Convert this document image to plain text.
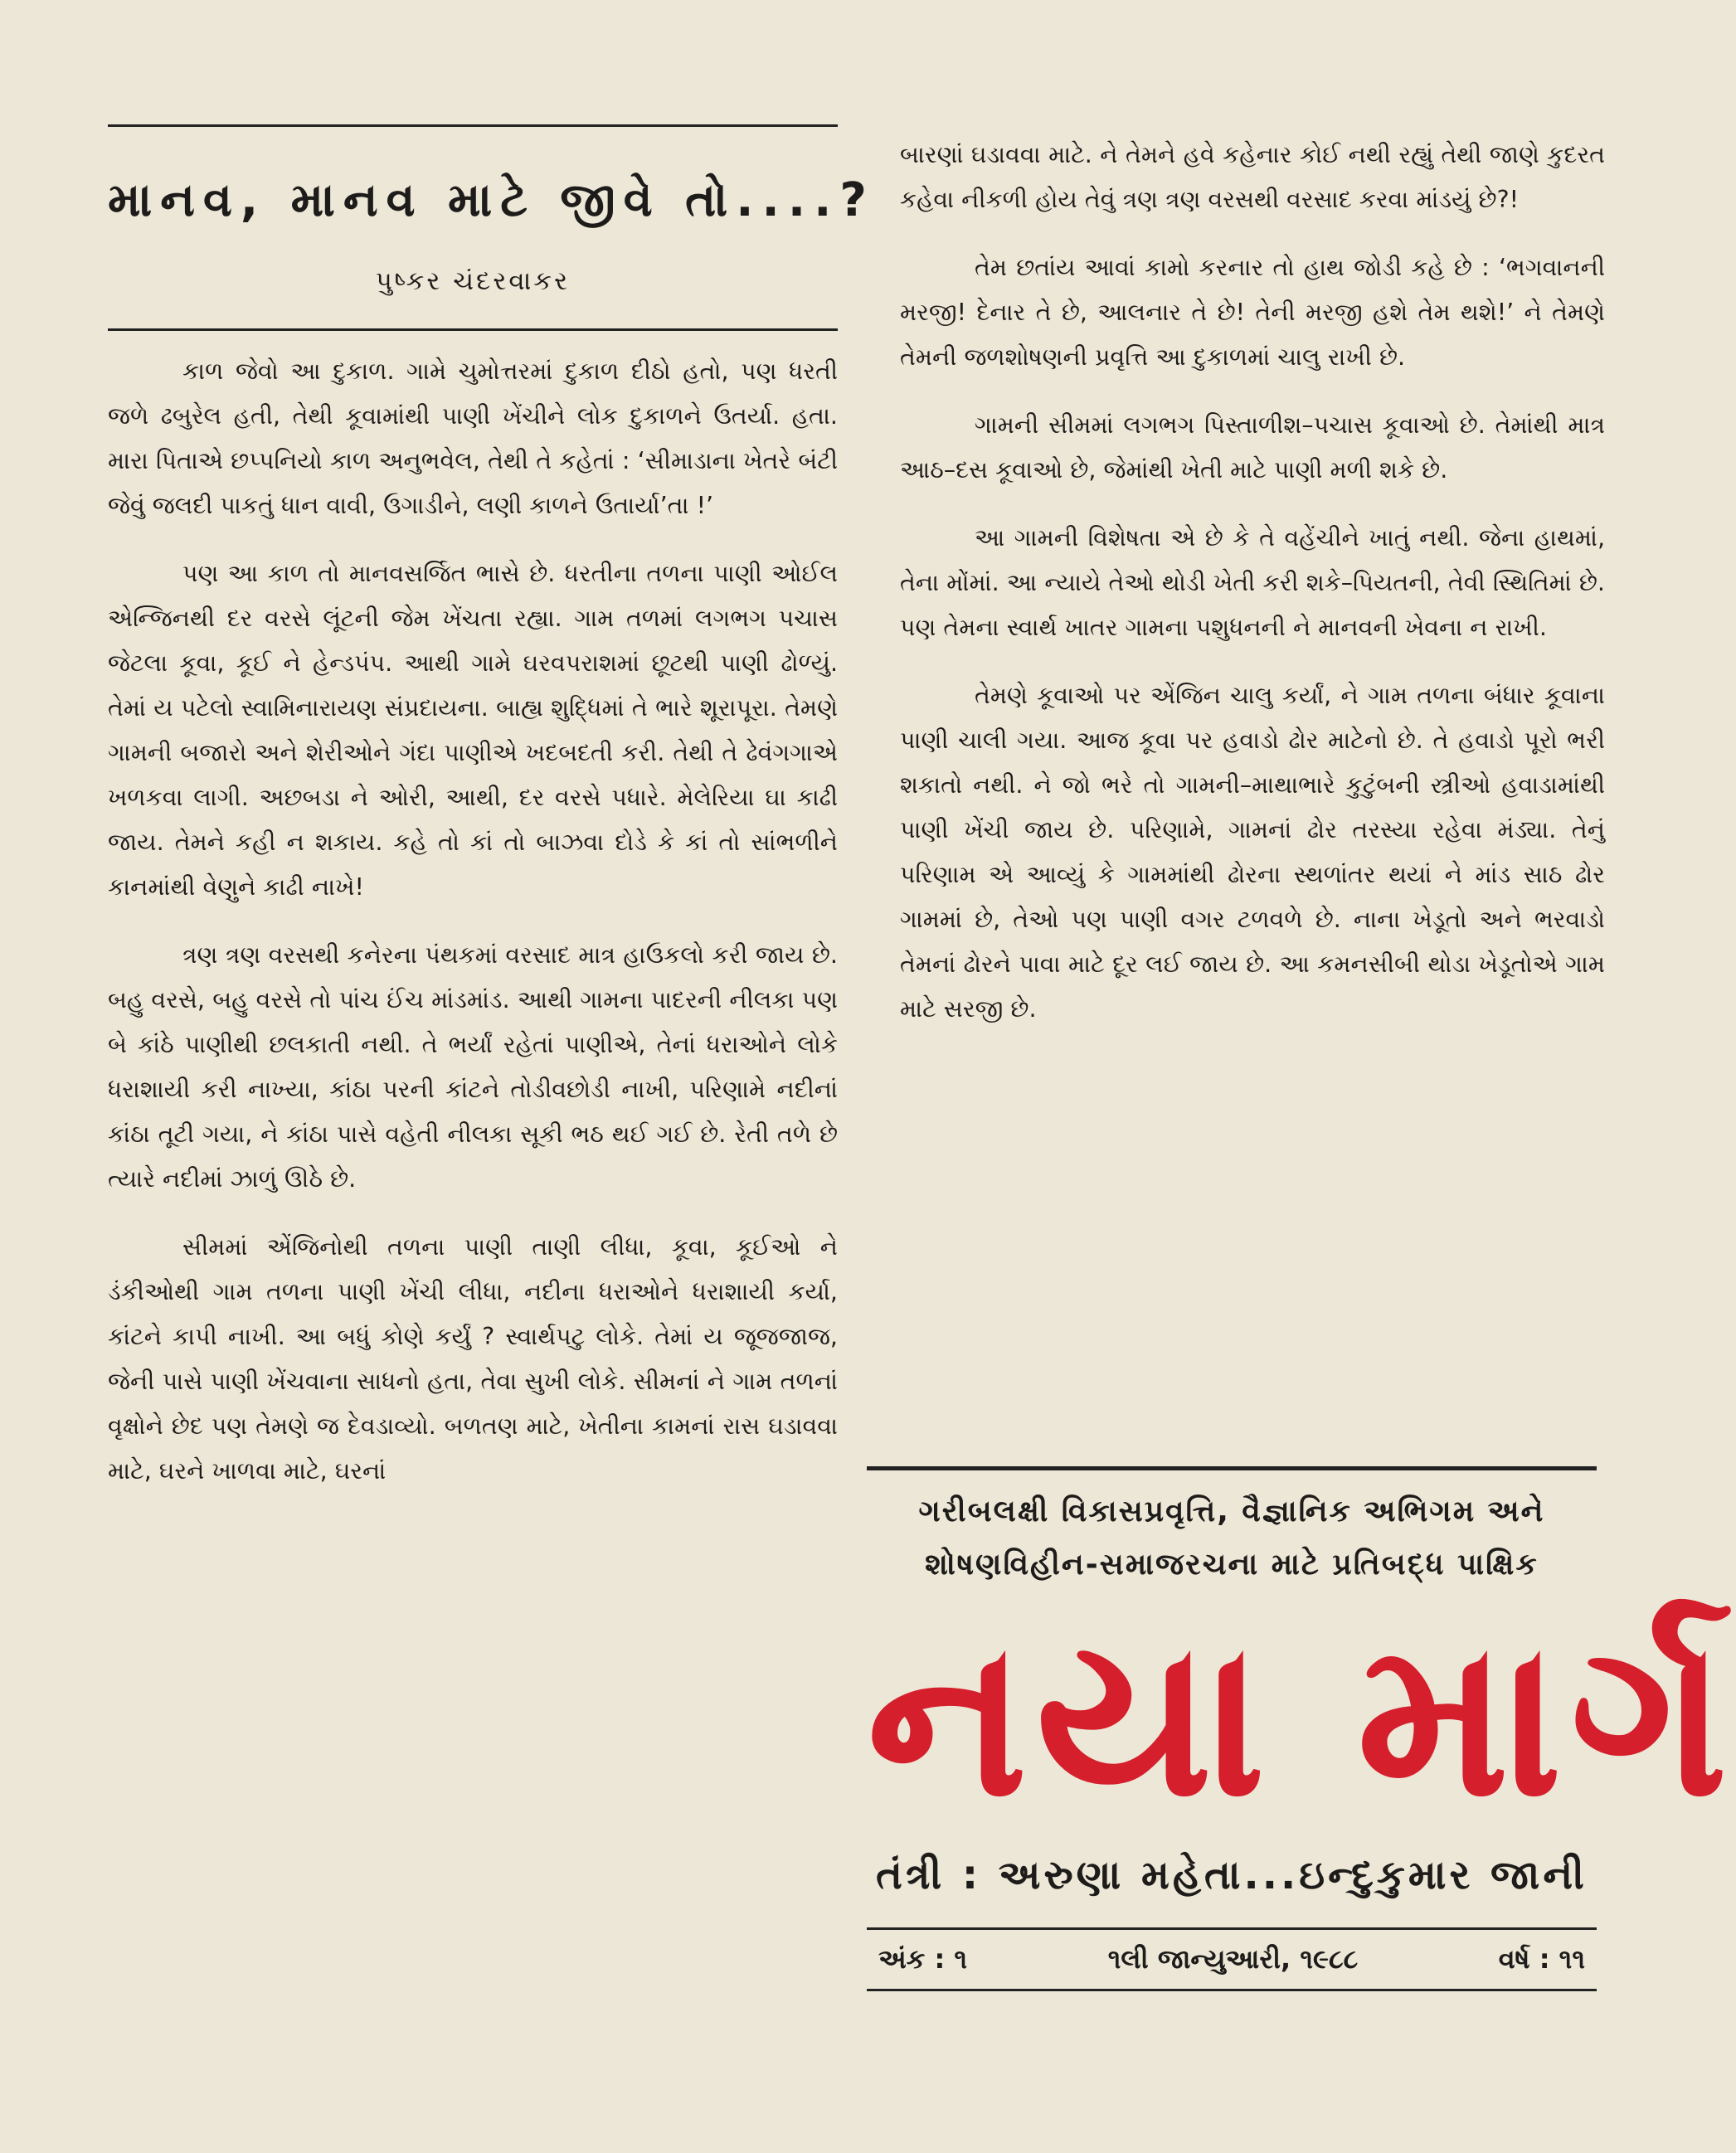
માનવ, માનવ માટે જીવે તો....?
પુષ્કર ચંદરવાકર

કાળ જેવો આ દુકાળ. ગામે ચુમોત્તરમાં દુકાળ દીઠો હતો, પણ ધરતી જળે ઢબુરેલ હતી, તેથી કૂવામાંથી પાણી ખેંચીને લોક દુકાળને ઉતર્યા. હતા. મારા પિતાએ છપ્પનિયો કાળ અનુભવેલ, તેથી તે કહેતાં : ‘સીમાડાના ખેતરે બંટી જેવું જલદી પાકતું ધાન વાવી, ઉગાડીને, લણી કાળને ઉતાર્યા’તા !’

પણ આ કાળ તો માનવસર્જિત ભાસે છે. ધરતીના તળના પાણી ઓઈલ એન્જિનથી દર વરસે લૂંટની જેમ ખેંચતા રહ્યા. ગામ તળમાં લગભગ પચાસ જેટલા કૂવા, કૂઈ ને હેન્ડપંપ. આથી ગામે ઘરવપરાશમાં છૂટથી પાણી ઢોળ્યું. તેમાં ય પટેલો સ્વામિનારાયણ સંપ્રદાયના. બાહ્ય શુદ્ધિમાં તે ભારે શૂરાપૂરા. તેમણે ગામની બજારો અને શેરીઓને ગંદા પાણીએ ખદબદતી કરી. તેથી તે ઢેવંગગાએ ખળકવા લાગી. અછબડા ને ઓરી, આથી, દર વરસે પધારે. મેલેરિયા ઘા કાઢી જાય. તેમને કહી ન શકાય. કહે તો કાં તો બાઝવા દોડે કે કાં તો સાંભળીને કાનમાંથી વેણુને કાઢી નાખે!

ત્રણ ત્રણ વરસથી કનેરના પંથકમાં વરસાદ માત્ર હાઉકલો કરી જાય છે. બહુ વરસે, બહુ વરસે તો પાંચ ઈંચ માંડમાંડ. આથી ગામના પાદરની નીલકા પણ બે કાંઠે પાણીથી છલકાતી નથી. તે ભર્યાં રહેતાં પાણીએ, તેનાં ધરાઓને લોકે ધરાશાયી કરી નાખ્યા, કાંઠા પરની કાંટને તોડીવછોડી નાખી, પરિણામે નદીનાં કાંઠા તૂટી ગયા, ને કાંઠા પાસે વહેતી નીલકા સૂકી ભઠ થઈ ગઈ છે. રેતી તળે છે ત્યારે નદીમાં ઝાળું ઊઠે છે.

સીમમાં એંજિનોથી તળના પાણી તાણી લીધા, કૂવા, કૂઈઓ ને ડંકીઓથી ગામ તળના પાણી ખેંચી લીધા, નદીના ધરાઓને ધરાશાયી કર્યા, કાંટને કાપી નાખી. આ બધું કોણે કર્યું ? સ્વાર્થપટુ લોકે. તેમાં ય જૂજજાજ, જેની પાસે પાણી ખેંચવાના સાધનો હતા, તેવા સુખી લોકે. સીમનાં ને ગામ તળનાં વૃક્ષોને છેદ પણ તેમણે જ દેવડાવ્યો. બળતણ માટે, ખેતીના કામનાં રાસ ઘડાવવા માટે, ઘરને ખાળવા માટે, ઘરનાં

બારણાં ઘડાવવા માટે. ને તેમને હવે કહેનાર કોઈ નથી રહ્યું તેથી જાણે કુદરત કહેવા નીકળી હોય તેવું ત્રણ ત્રણ વરસથી વરસાદ કરવા માંડયું છે?!

તેમ છતાંય આવાં કામો કરનાર તો હાથ જોડી કહે છે : ‘ભગવાનની મરજી! દેનાર તે છે, આલનાર તે છે! તેની મરજી હશે તેમ થશે!’ ને તેમણે તેમની જળશોષણની પ્રવૃત્તિ આ દુકાળમાં ચાલુ રાખી છે.

ગામની સીમમાં લગભગ પિસ્તાળીશ–પચાસ કૂવાઓ છે. તેમાંથી માત્ર આઠ–દસ કૂવાઓ છે, જેમાંથી ખેતી માટે પાણી મળી શકે છે.

આ ગામની વિશેષતા એ છે કે તે વહેંચીને ખાતું નથી. જેના હાથમાં, તેના મોંમાં. આ ન્યાયે તેઓ થોડી ખેતી કરી શકે–પિયતની, તેવી સ્થિતિમાં છે. પણ તેમના સ્વાર્થ ખાતર ગામના પશુધનની ને માનવની ખેવના ન રાખી.

તેમણે કૂવાઓ પર એંજિન ચાલુ કર્યાં, ને ગામ તળના બંધાર કૂવાના પાણી ચાલી ગયા. આજ કૂવા પર હવાડો ઢોર માટેનો છે. તે હવાડો પૂરો ભરી શકાતો નથી. ને જો ભરે તો ગામની–માથાભારે કુટુંબની સ્ત્રીઓ હવાડામાંથી પાણી ખેંચી જાય છે. પરિણામે, ગામનાં ઢોર તરસ્યા રહેવા મંડ્યા. તેનું પરિણામ એ આવ્યું કે ગામમાંથી ઢોરના સ્થળાંતર થયાં ને માંડ સાઠ ઢોર ગામમાં છે, તેઓ પણ પાણી વગર ટળવળે છે. નાના ખેડૂતો અને ભરવાડો તેમનાં ઢોરને પાવા માટે દૂર લઈ જાય છે. આ કમનસીબી થોડા ખેડૂતોએ ગામ માટે સરજી છે.

ગરીબલક્ષી વિકાસપ્રવૃત્તિ, વૈજ્ઞાનિક અભિગમ અને
શોષણવિહીન-સમાજરચના માટે પ્રતિબદ્ધ પાક્ષિક
નયા માર્ગ
તંત્રી : અરુણા મહેતા...ઇન્દુકુમાર જાની
અંક : ૧	૧લી જાન્યુઆરી, ૧૯૮૮	વર્ષ : ૧૧
